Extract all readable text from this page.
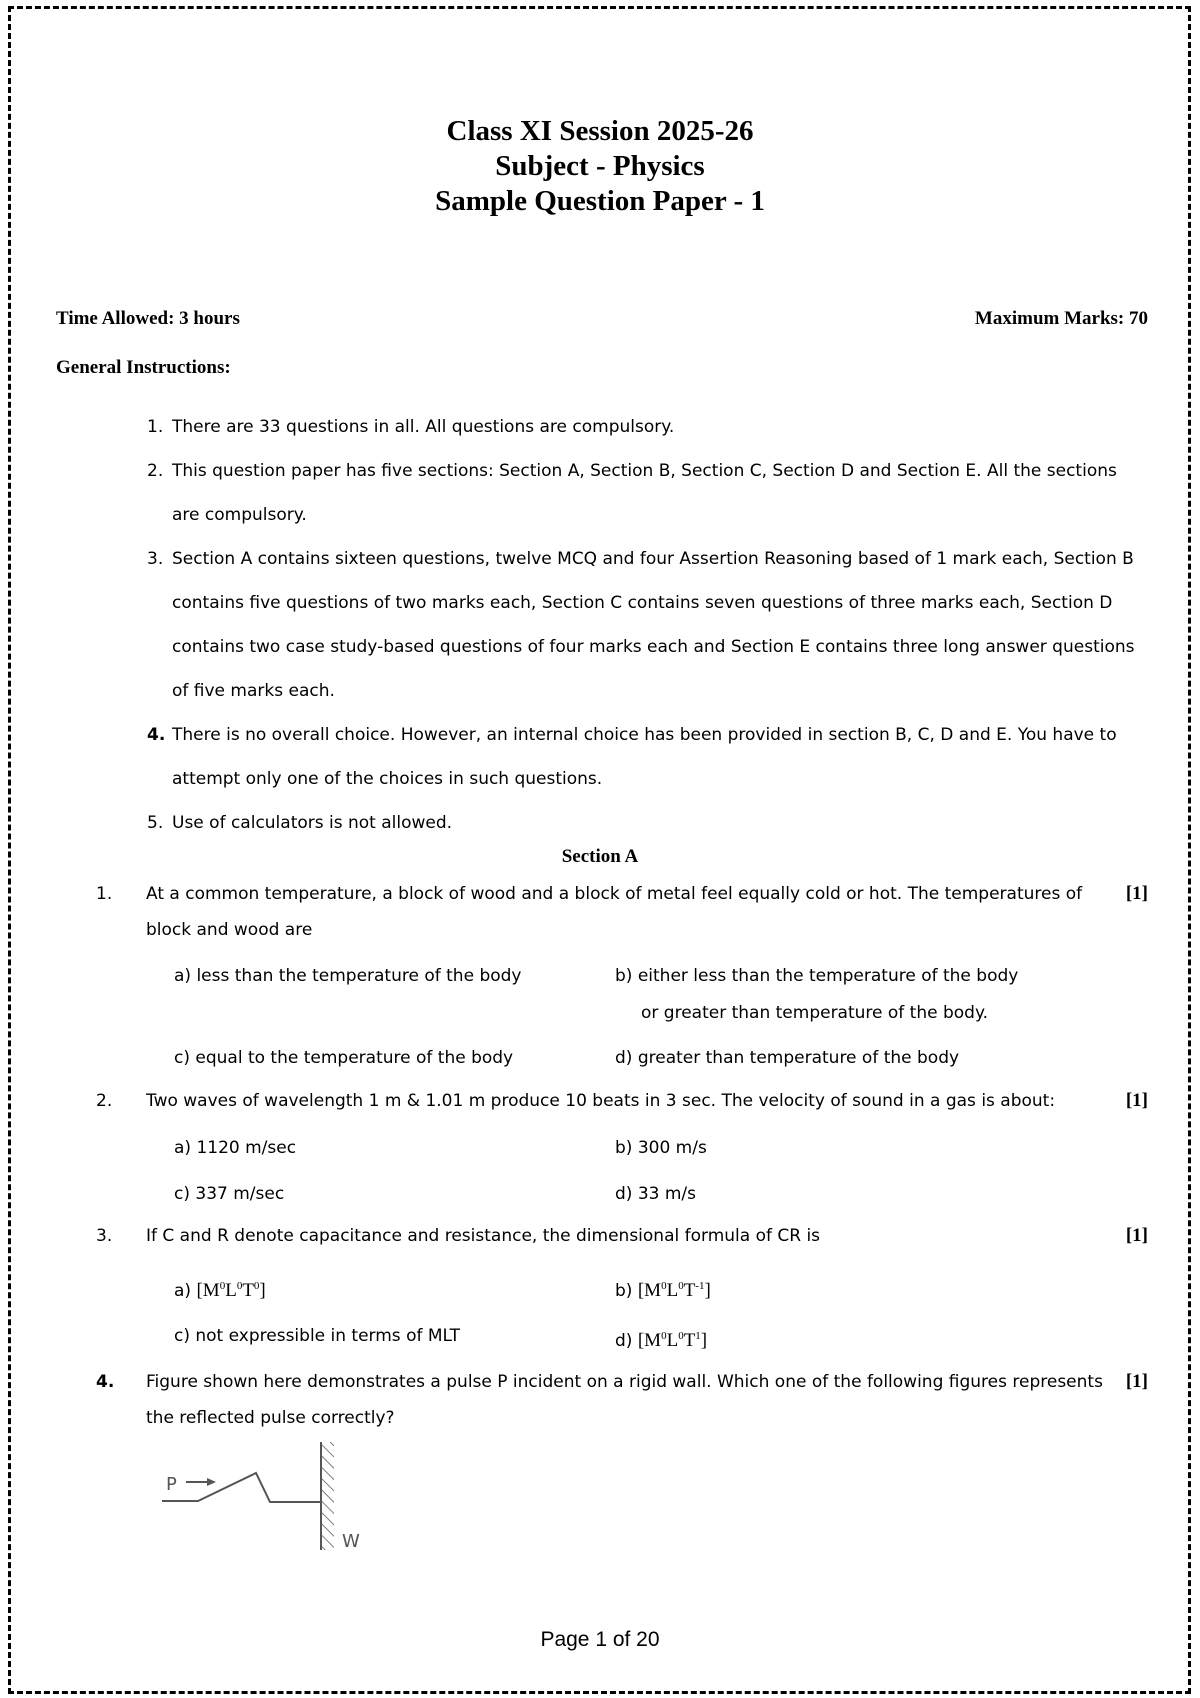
Class XI Session 2025-26
Subject - Physics
Sample Question Paper - 1
Time Allowed: 3 hours	Maximum Marks: 70
General Instructions:
1. There are 33 questions in all. All questions are compulsory.
2. This question paper has five sections: Section A, Section B, Section C, Section D and Section E. All the sections are compulsory.
3. Section A contains sixteen questions, twelve MCQ and four Assertion Reasoning based of 1 mark each, Section B contains five questions of two marks each, Section C contains seven questions of three marks each, Section D contains two case study-based questions of four marks each and Section E contains three long answer questions of five marks each.
4. There is no overall choice. However, an internal choice has been provided in section B, C, D and E. You have to attempt only one of the choices in such questions.
5. Use of calculators is not allowed.
Section A
1. At a common temperature, a block of wood and a block of metal feel equally cold or hot. The temperatures of block and wood are
[1]
a) less than the temperature of the body	b) either less than the temperature of the body
or greater than temperature of the body.
c) equal to the temperature of the body	d) greater than temperature of the body
2. Two waves of wavelength 1 m & 1.01 m produce 10 beats in 3 sec. The velocity of sound in a gas is about:	[1]
a) 1120 m/sec	b) 300 m/s
c) 337 m/sec	d) 33 m/s
3. If C and R denote capacitance and resistance, the dimensional formula of CR is	[1]
a) $[M^0L^0T^0]$	b) $[M^0L^0T^{-1}]$
c) not expressible in terms of MLT	d) $[M^0L^0T^1]$
4. Figure shown here demonstrates a pulse P incident on a rigid wall. Which one of the following figures represents the reflected pulse correctly?
[1]
P
W
Page 1 of 20
